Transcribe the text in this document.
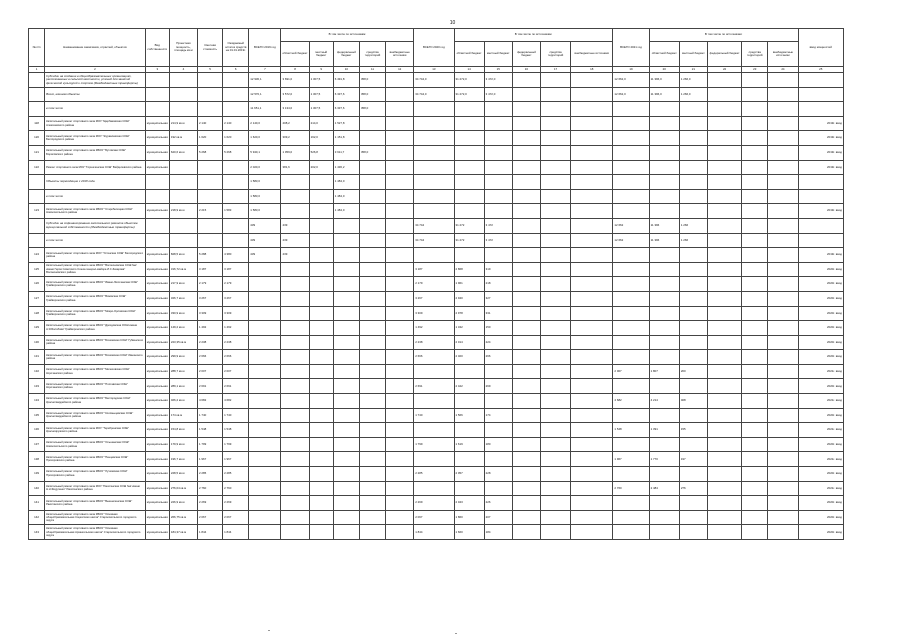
10
№ п/п	Наименование заказчиков, отраслей, объектов	Вид собственности	Проектная мощность, площадь кв.м	Сметная стоимость	Ожидаемый остаток средств на 01.01.2019г.	ВСЕГО 2019 год	В том числе по источникам:					ВСЕГО 2020 год	В том числе по источникам:					ВСЕГО 2021 год	В том числе по источникам:					ввод мощностей
							областной бюджет	местный бюджет	федеральный бюджет	средства территорий	внебюджетные источники		областной бюджет	местный бюджет	федеральный бюджет	средства территорий	внебюджетные источники		областной бюджет	местный бюджет	федеральный бюджет	средства территорий	внебюджетные источники	
1	2	3	4	5	6	7	8	9	10	11	12	13	14	15	16	17	18	19	20	21	22	23	24	25
	Субсидии на создание в общеобразовательных организациях, расположенных в сельской местности, условий для занятий физической культурой и спортом (Межбюджетные трансферты)					12 930,1	3 691,0	1 307,5	6 491,8	358,0		34 744,0	31 272,0	3 472,0				12 662,0	11 396,0	1 266,0				
	Всего, начиная объекты					12 570,1	3 572,0	1 307,5	6 337,6	358,0		34 744,0	31 272,0	3 472,0				12 662,0	11 396,0	1 266,0				
	в том числе					11 651,1	3 134,0	1 307,5	6 337,6	358,0														
118	Капитальный ремонт спортивного зала МОУ "Щербаковская СОШ" Алексеевского района	муниципальная	214,9 кв.м	2 140	2 140	2 140,0	408,2	214,0	1 527,8															2019г. ввод
120	Капитальный ремонт спортивного зала МОУ "Журавлевская СОШ" Белгородского района	муниципальная	192 кв.м	1 620	1 620	1 620,0	309,2	162,0	1 151,8															2019г. ввод
121	Капитальный ремонт спортивного зала МБОУ "Бутовская СОШ" Борисовского района	муниципальная	620,6 кв.м	5 268	5 268	5 940,1	1 059,0	526,8	3 611,7	358,0														2019г. ввод
122	Ремонт спортивного зала МОУ "Горшечинская СОШ" Вейделевского района	муниципальная				2 020,0	381,6	202,0	1 436,2															2019г. ввод
	Объекты переходящие с 2018 года					1 583,0			1 484,0															
	в том числе					1 583,0			1 484,0															
123	Капитальный ремонт спортивного зала МБОУ "Старобелицкая СОШ" Новооскольского района	муниципальная	218,9 кв.м	2 215	1 583	1 583,0			1 484,0															2019г. ввод
	Субсидии на софинансирование капитального ремонта объектов муниципальной собственности (Межбюджетные трансферты)					439	439					34 744	31 272	3 472				12 662	11 396	1 266				
	в том числе					439	439					34 744	31 272	3 472				12 662	11 396	1 266				
124	Капитальный ремонт спортивного зала МОУ "Устинская СОШ" Белгородского района	муниципальная	828,5 кв.м	5 288	4 380	439	439																	2019г. ввод
125	Капитальный ремонт спортивного зала МБОУ "Волоконовская СОШ №2 имени Героя Советского Союза генерал-майора И.С.Захарова" Волоконовского района	муниципальная	316,72 кв.м	3 187	3 187							3 187	2 868	319										2020г. ввод
126	Капитальный ремонт спортивного зала МБОУ "Ивано-Лисичанская СОШ" Грайворонского района	муниципальная	217,9 кв.м	2 179	2 179							2 179	1 961	218										2020г. ввод
127	Капитальный ремонт спортивного зала МБОУ "Вязовская СОШ" Грайворонского района	муниципальная	326,7 кв.м	3 267	3 267							3 267	2 940	327										2020г. ввод
128	Капитальный ремонт спортивного зала МБОУ "Мокро-Орловская СОШ" Грайворонского района	муниципальная	330,9 кв.м	3 309	3 309							3 309	2 978	331										2020г. ввод
129	Капитальный ремонт спортивного зала МБОУ "Дроздовская ООШ имени А.Я.Болобова" Грайворонского района	муниципальная	149,2 кв.м	1 492	1 492							1 492	1 342	150										2020г. ввод
130	Капитальный ремонт спортивного зала МБОУ "Бочковская СОШ" Губкинского района	муниципальная	223,35 кв.м	2 238	2 238							2 238	2 014	224										2020г. ввод
131	Капитальный ремонт спортивного зала МБОУ "Бочковская СОШ" Ивнянского района	муниципальная	299,9 кв.м	2 666	2 666							2 666	2 400	266										2020г. ввод
132	Капитальный ремонт спортивного зала МБОУ "Мелеховская СОШ" Корочанского района	муниципальная	288,7 кв.м	2 007	2 007													2 007	1 807	200				2021г. ввод
133	Капитальный ремонт спортивного зала МБОУ "Плотавская СОШ" Корочанского района	муниципальная	289,1 кв.м	2 691	2 691							2 691	2 422	269										2020г. ввод
134	Капитальный ремонт спортивного зала МБОУ "Белгородская СОШ" Красногвардейского района	муниципальная	466,2 кв.м	4 682	4 682													4 682	4 214	468				2021г. ввод
135	Капитальный ремонт спортивного зала МБОУ "Коломыцевская СОШ" Красногвардейского района	муниципальная	174 кв.м	1 740	1 740							1 740	1 566	174										2020г. ввод
136	Капитальный ремонт спортивного зала МОУ "Теребренская СОШ" Краснояружского района	муниципальная	154,8 кв.м	1 548	1 548													1 548	1 391	155				2021г. ввод
137	Капитальный ремонт спортивного зала МБОУ "Ольшанская ООШ" Новооскольского района	муниципальная	179,9 кв.м	1 799	1 799							1 799	1 619	180										2020г. ввод
138	Капитальный ремонт спортивного зала МБОУ "Пенцевская СОШ" Прохоровского района	муниципальная	196,7 кв.м	1 967	1 967													1 967	1 770	197				2021г. ввод
139	Капитальный ремонт спортивного зала МБОУ "Лучковская СОШ" Прохоровского района	муниципальная	228,5 кв.м	2 285	2 285							2 285	2 057	228										2020г. ввод
140	Капитальный ремонт спортивного зала МОУ "Ракитянская СОШ №2 имени Н.Н.Федутенко" Ракитянского района	муниципальная	276,04 кв.м	2 760	2 760													2 760	2 484	276				2021г. ввод
141	Капитальный ремонт спортивного зала МБОУ "Вышнепенская СОШ" Ракитянского района	муниципальная	226,9 кв.м	2 269	2 269							2 269	2 043	226										2020г. ввод
142	Капитальный ремонт спортивного зала МБОУ "Основная общеобразовательная Соцкатская школа" Старооскольского городского округа	муниципальная	266,75 кв.м	2 067	2 067							2 067	1 860	207										2020г. ввод
143	Капитальный ремонт спортивного зала МБОУ "Основная общеобразовательная Архангельская школа" Старооскольского городского округа	муниципальная	184,37 кв.м	1 844	1 844							1 844	1 660	184										2020г. ввод
